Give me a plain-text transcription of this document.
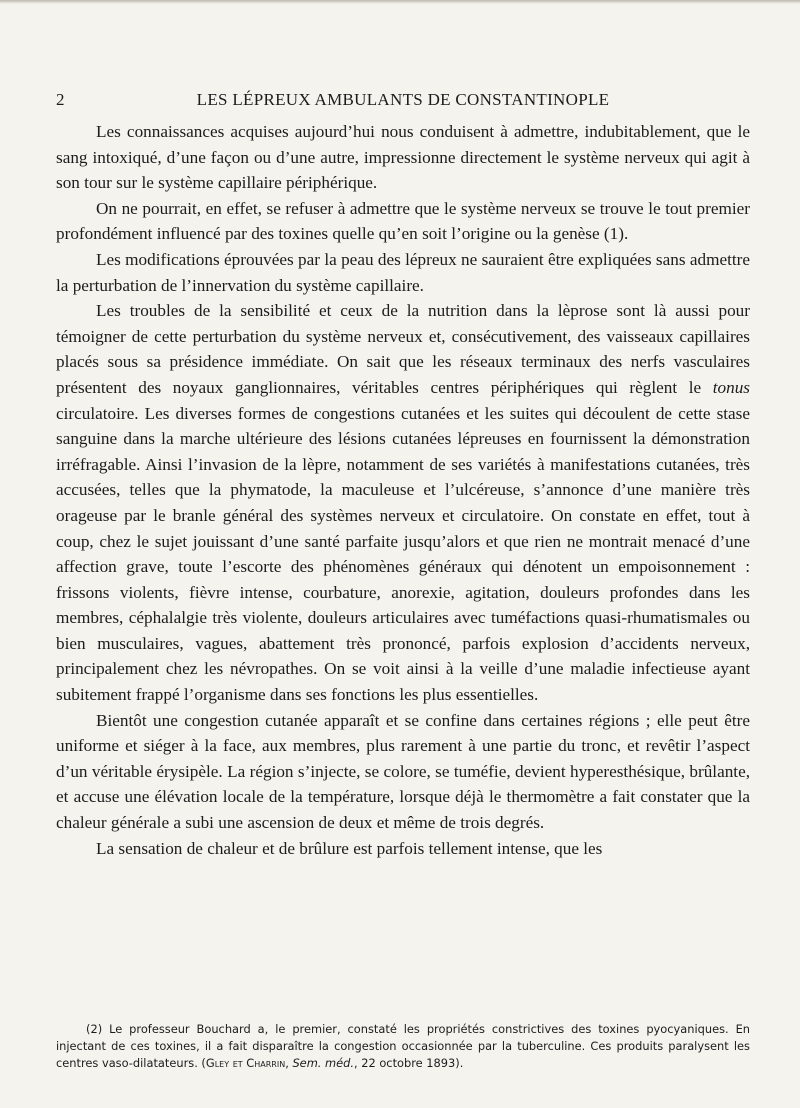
2	LES LÉPREUX AMBULANTS DE CONSTANTINOPLE

Les connaissances acquises aujourd’hui nous conduisent à admettre, indubitablement, que le sang intoxiqué, d’une façon ou d’une autre, impressionne directement le système nerveux qui agit à son tour sur le système capillaire périphérique.

On ne pourrait, en effet, se refuser à admettre que le système nerveux se trouve le tout premier profondément influencé par des toxines quelle qu’en soit l’origine ou la genèse (1).

Les modifications éprouvées par la peau des lépreux ne sauraient être expliquées sans admettre la perturbation de l’innervation du système capillaire.

Les troubles de la sensibilité et ceux de la nutrition dans la lèprose sont là aussi pour témoigner de cette perturbation du système nerveux et, consécutivement, des vaisseaux capillaires placés sous sa présidence immédiate. On sait que les réseaux terminaux des nerfs vasculaires présentent des noyaux ganglionnaires, véritables centres périphériques qui règlent le tonus circulatoire. Les diverses formes de congestions cutanées et les suites qui découlent de cette stase sanguine dans la marche ultérieure des lésions cutanées lépreuses en fournissent la démonstration irréfragable. Ainsi l’invasion de la lèpre, notamment de ses variétés à manifestations cutanées, très accusées, telles que la phymatode, la maculeuse et l’ulcéreuse, s’annonce d’une manière très orageuse par le branle général des systèmes nerveux et circulatoire. On constate en effet, tout à coup, chez le sujet jouissant d’une santé parfaite jusqu’alors et que rien ne montrait menacé d’une affection grave, toute l’escorte des phénomènes généraux qui dénotent un empoisonnement : frissons violents, fièvre intense, courbature, anorexie, agitation, douleurs profondes dans les membres, céphalalgie très violente, douleurs articulaires avec tuméfactions quasi-rhumatismales ou bien musculaires, vagues, abattement très prononcé, parfois explosion d’accidents nerveux, principalement chez les névropathes. On se voit ainsi à la veille d’une maladie infectieuse ayant subitement frappé l’organisme dans ses fonctions les plus essentielles.

Bientôt une congestion cutanée apparaît et se confine dans certaines régions ; elle peut être uniforme et siéger à la face, aux membres, plus rarement à une partie du tronc, et revêtir l’aspect d’un véritable érysipèle. La région s’injecte, se colore, se tuméfie, devient hyperesthésique, brûlante, et accuse une élévation locale de la température, lorsque déjà le thermomètre a fait constater que la chaleur générale a subi une ascension de deux et même de trois degrés.

La sensation de chaleur et de brûlure est parfois tellement intense, que les

(2) Le professeur Bouchard a, le premier, constaté les propriétés constrictives des toxines pyocyaniques. En injectant de ces toxines, il a fait disparaître la congestion occasionnée par la tuberculine. Ces produits paralysent les centres vaso-dilatateurs. (Gley et Charrin, Sem. méd., 22 octobre 1893).
